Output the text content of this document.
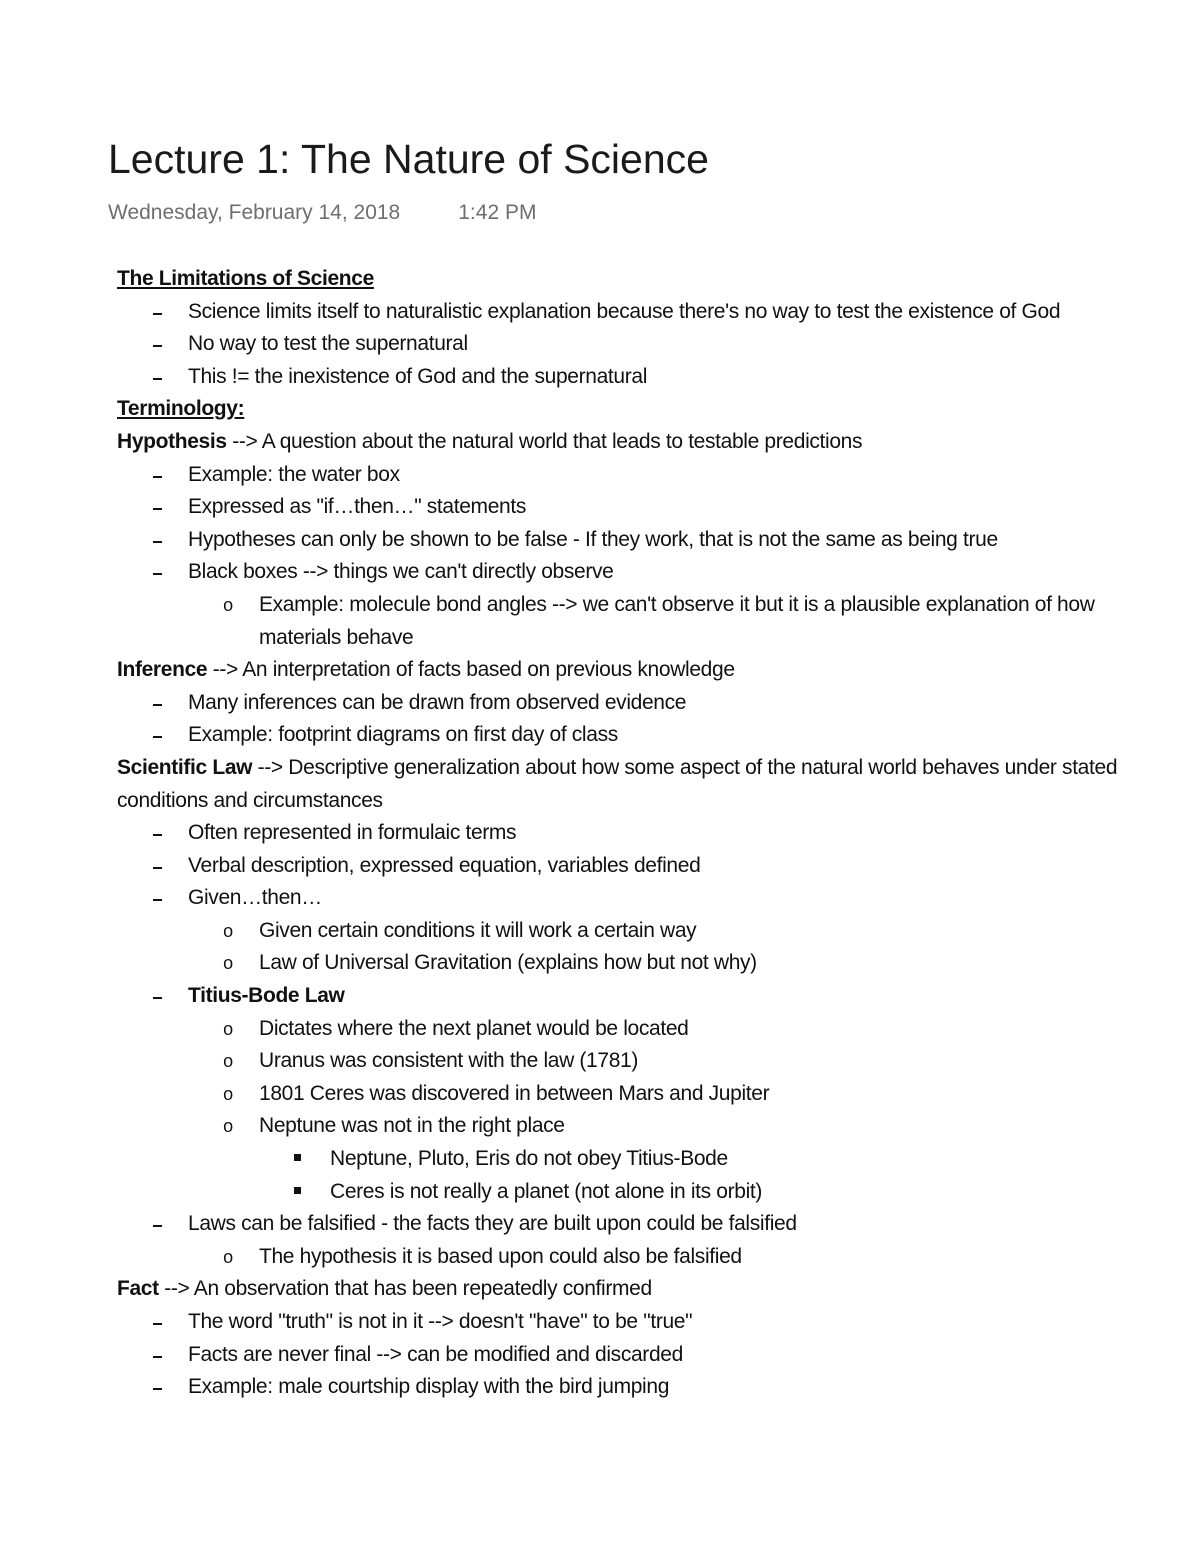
Lecture 1: The Nature of Science
Wednesday, February 14, 2018	1:42 PM
The Limitations of Science
Science limits itself to naturalistic explanation because there's no way to test the existence of God
No way to test the supernatural
This != the inexistence of God and the supernatural
Terminology:
Hypothesis --> A question about the natural world that leads to testable predictions
Example: the water box
Expressed as "if…then…" statements
Hypotheses can only be shown to be false - If they work, that is not the same as being true
Black boxes --> things we can't directly observe
o Example: molecule bond angles --> we can't observe it but it is a plausible explanation of how materials behave
Inference --> An interpretation of facts based on previous knowledge
Many inferences can be drawn from observed evidence
Example: footprint diagrams on first day of class
Scientific Law --> Descriptive generalization about how some aspect of the natural world behaves under stated conditions and circumstances
Often represented in formulaic terms
Verbal description, expressed equation, variables defined
Given…then…
o Given certain conditions it will work a certain way
o Law of Universal Gravitation (explains how but not why)
Titius-Bode Law
o Dictates where the next planet would be located
o Uranus was consistent with the law (1781)
o 1801 Ceres was discovered in between Mars and Jupiter
o Neptune was not in the right place
Neptune, Pluto, Eris do not obey Titius-Bode
Ceres is not really a planet (not alone in its orbit)
Laws can be falsified - the facts they are built upon could be falsified
o The hypothesis it is based upon could also be falsified
Fact --> An observation that has been repeatedly confirmed
The word "truth" is not in it --> doesn't "have" to be "true"
Facts are never final --> can be modified and discarded
Example: male courtship display with the bird jumping
